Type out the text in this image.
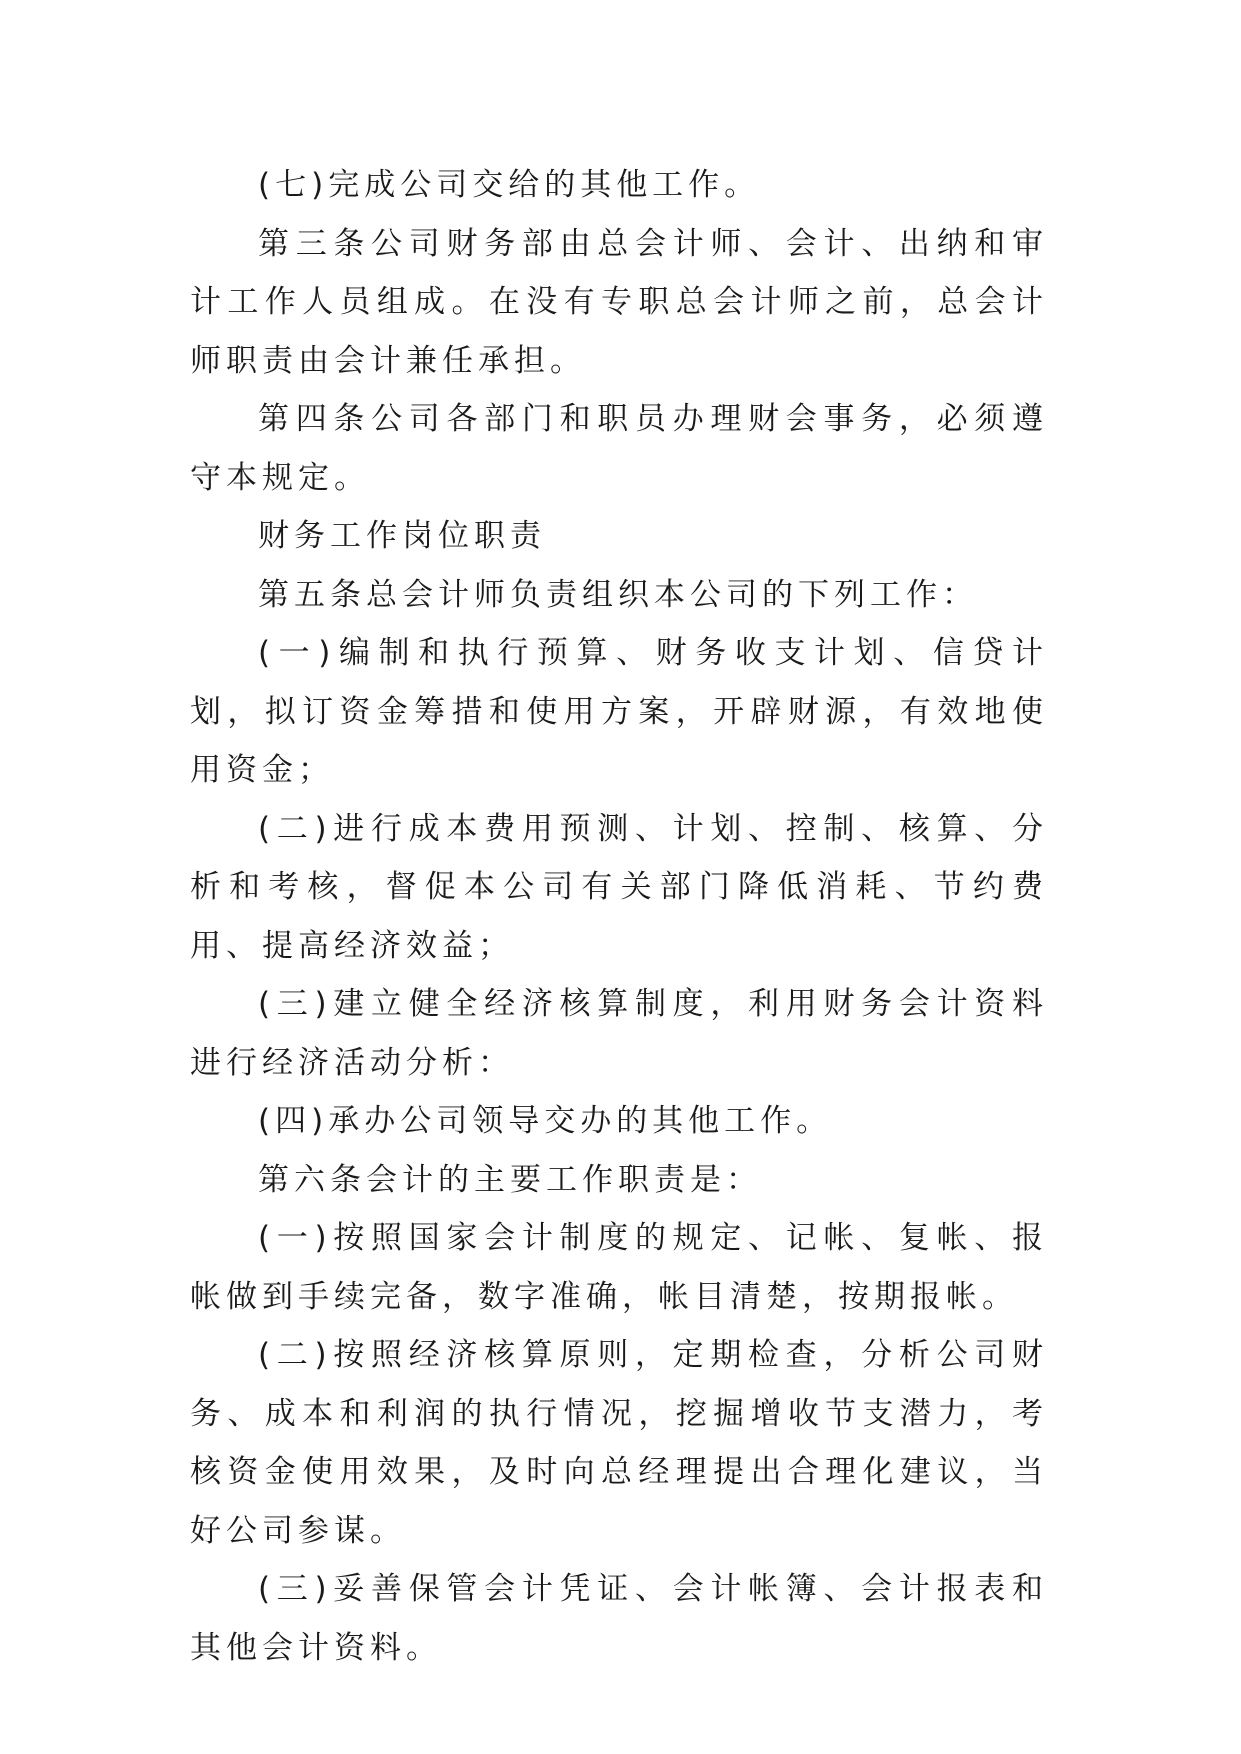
(七)完成公司交给的其他工作。

第三条公司财务部由总会计师、会计、出纳和审计工作人员组成。在没有专职总会计师之前，总会计师职责由会计兼任承担。

第四条公司各部门和职员办理财会事务，必须遵守本规定。

财务工作岗位职责

第五条总会计师负责组织本公司的下列工作：

(一)编制和执行预算、财务收支计划、信贷计划，拟订资金筹措和使用方案，开辟财源，有效地使用资金；

(二)进行成本费用预测、计划、控制、核算、分析和考核，督促本公司有关部门降低消耗、节约费用、提高经济效益；

(三)建立健全经济核算制度，利用财务会计资料进行经济活动分析：

(四)承办公司领导交办的其他工作。

第六条会计的主要工作职责是：

(一)按照国家会计制度的规定、记帐、复帐、报帐做到手续完备，数字准确，帐目清楚，按期报帐。

(二)按照经济核算原则，定期检查，分析公司财务、成本和利润的执行情况，挖掘增收节支潜力，考核资金使用效果，及时向总经理提出合理化建议，当好公司参谋。

(三)妥善保管会计凭证、会计帐簿、会计报表和其他会计资料。
